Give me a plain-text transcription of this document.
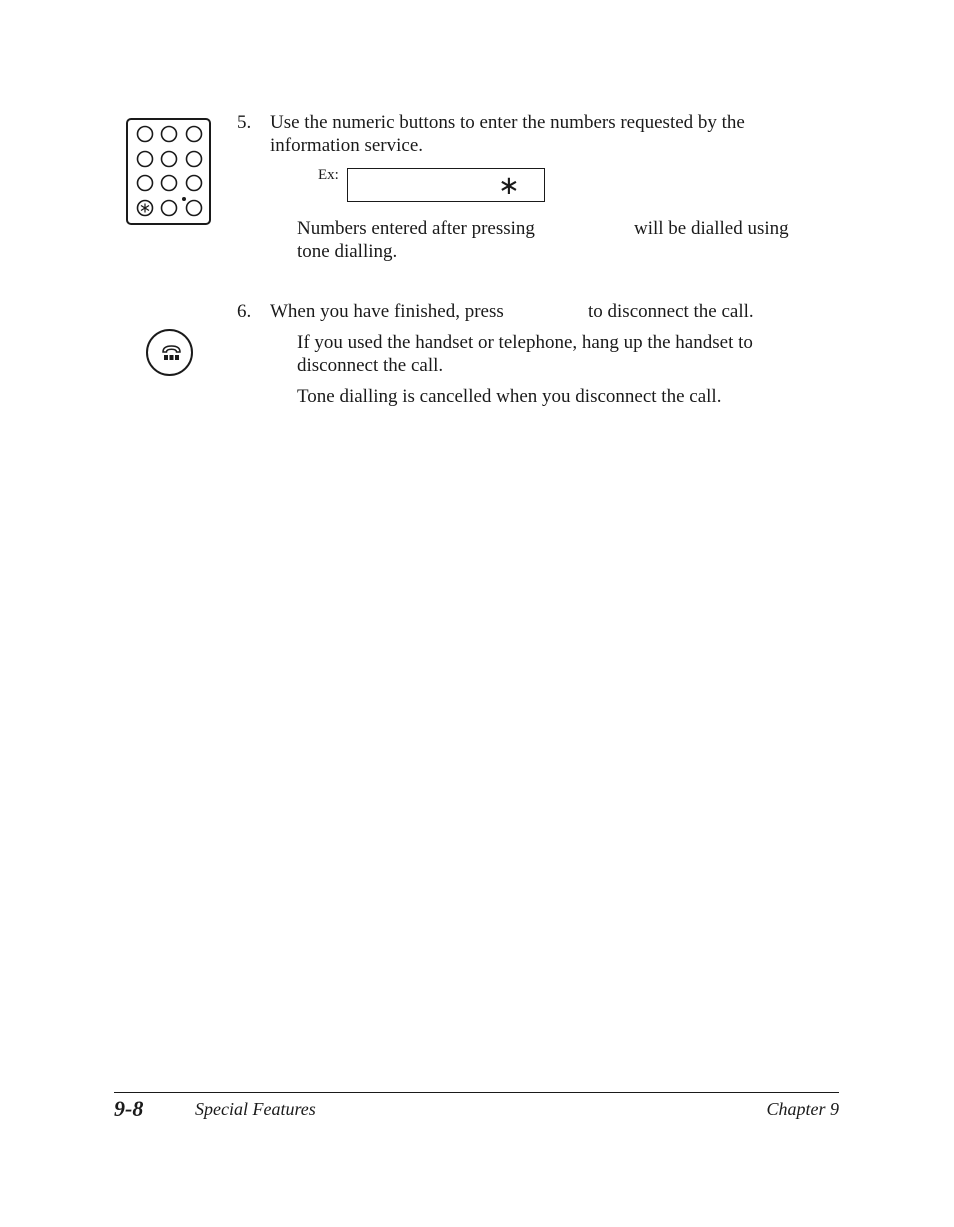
5. Use the numeric buttons to enter the numbers requested by the
information service.
Ex:	∗
Numbers entered after pressing	will be dialled using
tone dialling.
6. When you have finished, press	to disconnect the call.
If you used the handset or telephone, hang up the handset to
disconnect the call.
Tone dialling is cancelled when you disconnect the call.
9-8	Special Features	Chapter 9
